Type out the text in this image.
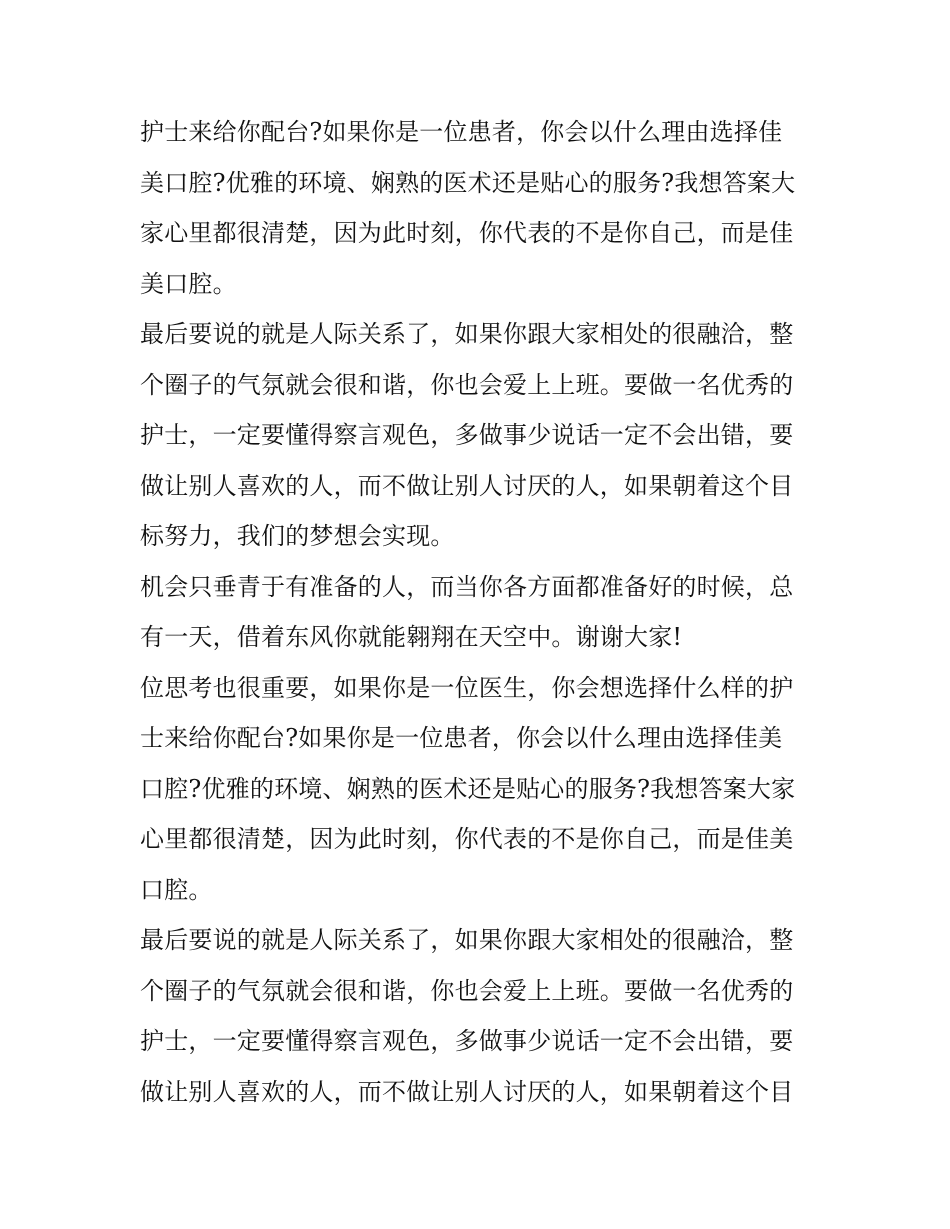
护士来给你配台?如果你是一位患者，你会以什么理由选择佳
美口腔?优雅的环境、娴熟的医术还是贴心的服务?我想答案大
家心里都很清楚，因为此时刻，你代表的不是你自己，而是佳
美口腔。
最后要说的就是人际关系了，如果你跟大家相处的很融洽，整
个圈子的气氛就会很和谐，你也会爱上上班。要做一名优秀的
护士，一定要懂得察言观色，多做事少说话一定不会出错，要
做让别人喜欢的人，而不做让别人讨厌的人，如果朝着这个目
标努力，我们的梦想会实现。
机会只垂青于有准备的人，而当你各方面都准备好的时候，总
有一天，借着东风你就能翱翔在天空中。谢谢大家!
位思考也很重要，如果你是一位医生，你会想选择什么样的护
士来给你配台?如果你是一位患者，你会以什么理由选择佳美
口腔?优雅的环境、娴熟的医术还是贴心的服务?我想答案大家
心里都很清楚，因为此时刻，你代表的不是你自己，而是佳美
口腔。
最后要说的就是人际关系了，如果你跟大家相处的很融洽，整
个圈子的气氛就会很和谐，你也会爱上上班。要做一名优秀的
护士，一定要懂得察言观色，多做事少说话一定不会出错，要
做让别人喜欢的人，而不做让别人讨厌的人，如果朝着这个目
